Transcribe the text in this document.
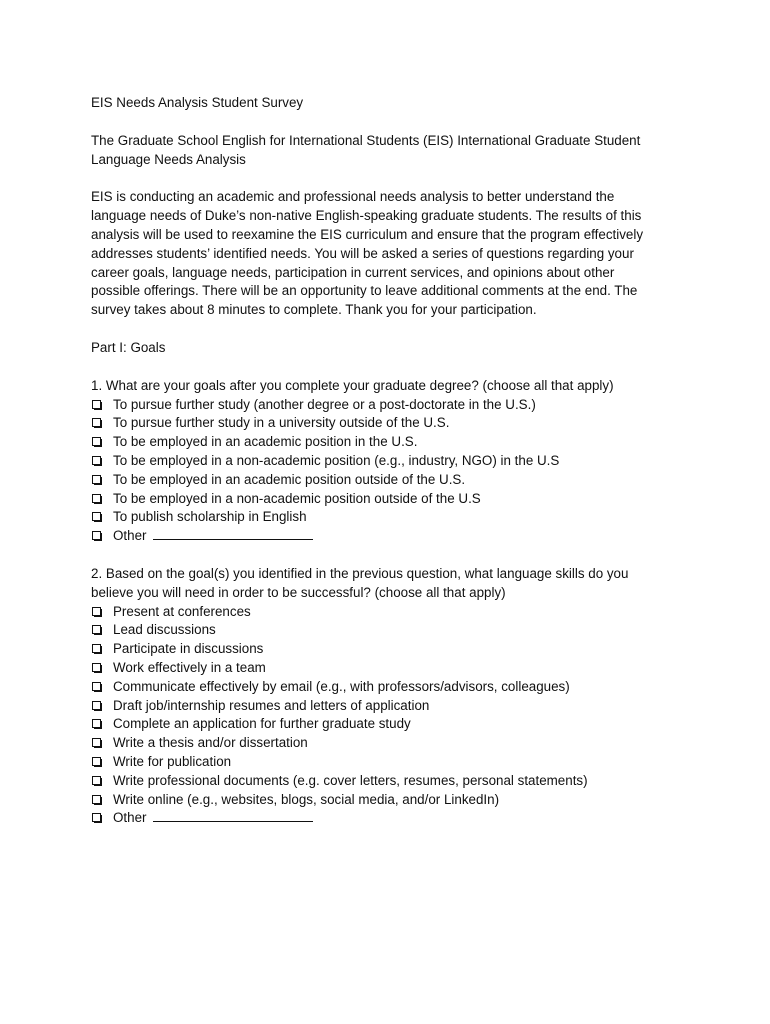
EIS Needs Analysis Student Survey

The Graduate School English for International Students (EIS) International Graduate Student
Language Needs Analysis

EIS is conducting an academic and professional needs analysis to better understand the
language needs of Duke’s non-native English-speaking graduate students. The results of this
analysis will be used to reexamine the EIS curriculum and ensure that the program effectively
addresses students’ identified needs. You will be asked a series of questions regarding your
career goals, language needs, participation in current services, and opinions about other
possible offerings. There will be an opportunity to leave additional comments at the end. The
survey takes about 8 minutes to complete. Thank you for your participation.

Part I: Goals

1. What are your goals after you complete your graduate degree? (choose all that apply)
To pursue further study (another degree or a post-doctorate in the U.S.)
To pursue further study in a university outside of the U.S.
To be employed in an academic position in the U.S.
To be employed in a non-academic position (e.g., industry, NGO) in the U.S
To be employed in an academic position outside of the U.S.
To be employed in a non-academic position outside of the U.S
To publish scholarship in English
Other
2. Based on the goal(s) you identified in the previous question, what language skills do you
believe you will need in order to be successful? (choose all that apply)
Present at conferences
Lead discussions
Participate in discussions
Work effectively in a team
Communicate effectively by email (e.g., with professors/advisors, colleagues)
Draft job/internship resumes and letters of application
Complete an application for further graduate study
Write a thesis and/or dissertation
Write for publication
Write professional documents (e.g. cover letters, resumes, personal statements)
Write online (e.g., websites, blogs, social media, and/or LinkedIn)
Other
